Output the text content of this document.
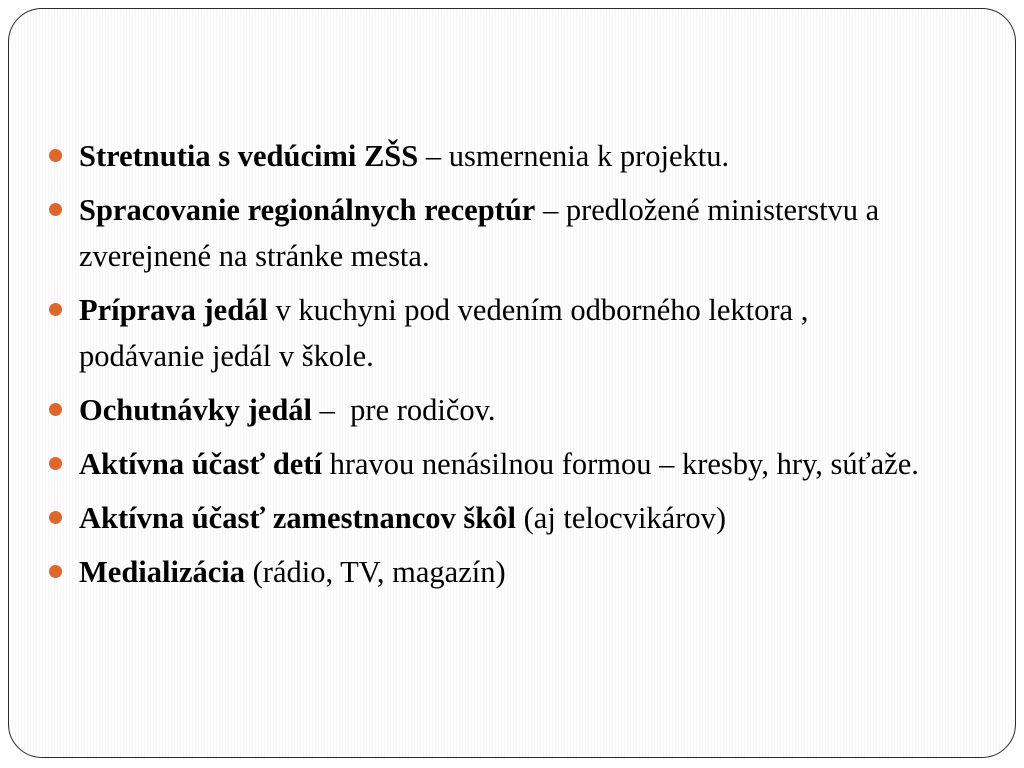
Stretnutia s vedúcimi ZŠS – usmernenia k projektu.
Spracovanie regionálnych receptúr – predložené ministerstvu a zverejnené na stránke mesta.
Príprava jedál v kuchyni pod vedením odborného lektora , podávanie jedál v škole.
Ochutnávky jedál –  pre rodičov.
Aktívna účasť detí hravou nenásilnou formou – kresby, hry, súťaže.
Aktívna účasť zamestnancov škôl (aj telocvikárov)
Medializácia (rádio, TV, magazín)
